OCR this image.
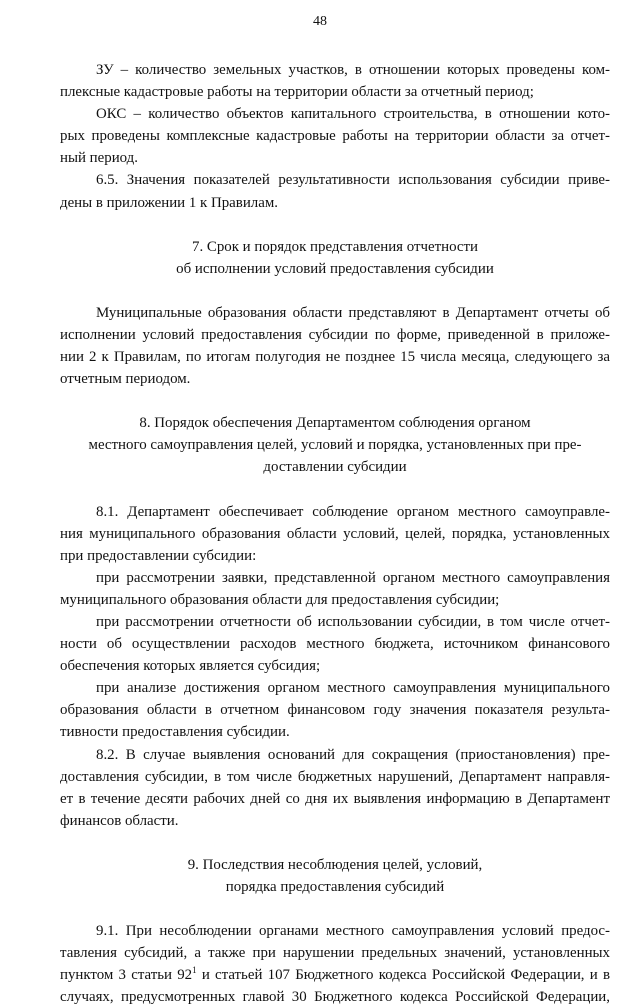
48

ЗУ – количество земельных участков, в отношении которых проведены ком-
плексные кадастровые работы на территории области за отчетный период;

ОКС – количество объектов капитального строительства, в отношении кото-
рых проведены комплексные кадастровые работы на территории области за отчет-
ный период.

6.5. Значения показателей результативности использования субсидии приве-
дены в приложении 1 к Правилам.

7. Срок и порядок представления отчетности
об исполнении условий предоставления субсидии

Муниципальные образования области представляют в Департамент отчеты об
исполнении условий предоставления субсидии по форме, приведенной в приложе-
нии 2 к Правилам, по итогам полугодия не позднее 15 числа месяца, следующего за
отчетным периодом.

8. Порядок обеспечения Департаментом соблюдения органом
местного самоуправления целей, условий и порядка, установленных при пре-
доставлении субсидии

8.1. Департамент обеспечивает соблюдение органом местного самоуправле-
ния муниципального образования области условий, целей, порядка, установленных
при предоставлении субсидии:

при рассмотрении заявки, представленной органом местного самоуправления
муниципального образования области для предоставления субсидии;

при рассмотрении отчетности об использовании субсидии, в том числе отчет-
ности об осуществлении расходов местного бюджета, источником финансового
обеспечения которых является субсидия;

при анализе достижения органом местного самоуправления муниципального
образования области в отчетном финансовом году значения показателя результа-
тивности предоставления субсидии.

8.2. В случае выявления оснований для сокращения (приостановления) пре-
доставления субсидии, в том числе бюджетных нарушений, Департамент направля-
ет в течение десяти рабочих дней со дня их выявления информацию в Департамент
финансов области.

9. Последствия несоблюдения целей, условий,
порядка предоставления субсидий

9.1. При несоблюдении органами местного самоуправления условий предос-
тавления субсидий, а также при нарушении предельных значений, установленных
пунктом 3 статьи $92^1$ и статьей 107 Бюджетного кодекса Российской Федерации, и в
случаях, предусмотренных главой 30 Бюджетного кодекса Российской Федерации,
